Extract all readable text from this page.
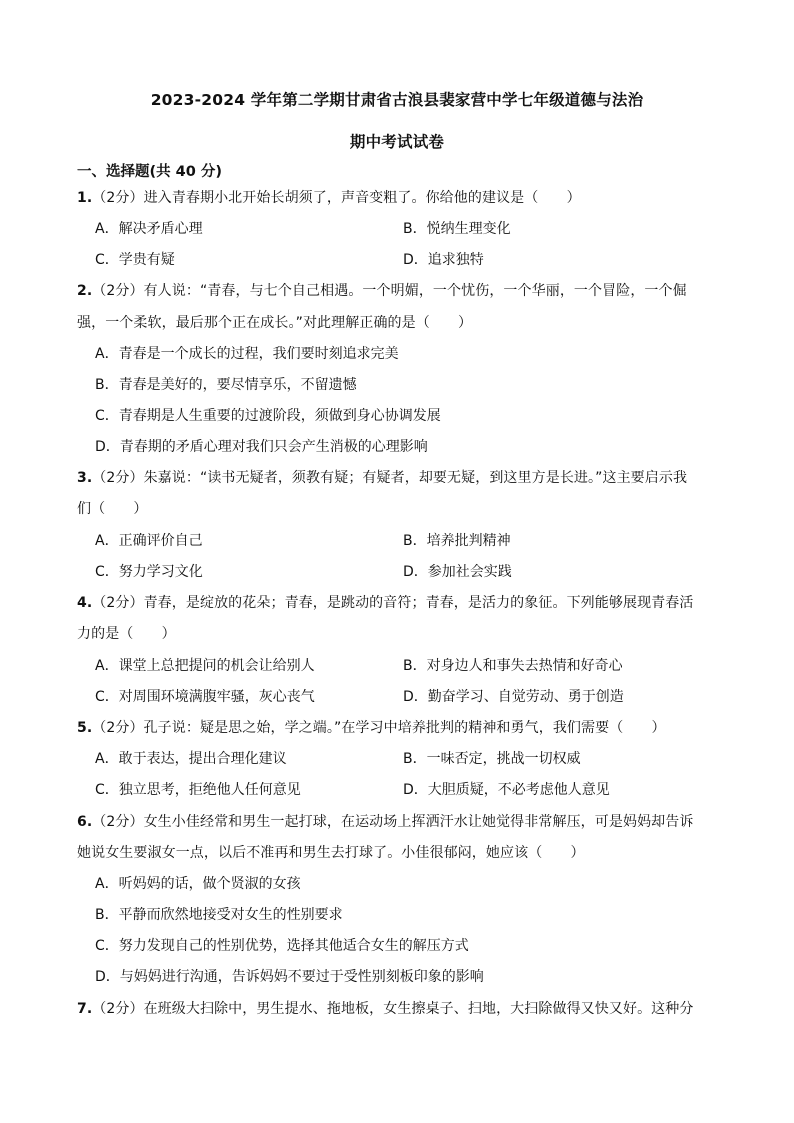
2023-2024 学年第二学期甘肃省古浪县裴家营中学七年级道德与法治
期中考试试卷
一、选择题(共 40 分)
1.（2分）进入青春期小北开始长胡须了，声音变粗了。你给他的建议是（　　）
A．解决矛盾心理	B．悦纳生理变化
C．学贵有疑	D．追求独特
2.（2分）有人说：“青春，与七个自己相遇。一个明媚，一个忧伤，一个华丽，一个冒险，一个倔
强，一个柔软，最后那个正在成长。”对此理解正确的是（　　）
A．青春是一个成长的过程，我们要时刻追求完美
B．青春是美好的，要尽情享乐，不留遗憾
C．青春期是人生重要的过渡阶段，须做到身心协调发展
D．青春期的矛盾心理对我们只会产生消极的心理影响
3.（2分）朱嘉说：“读书无疑者，须教有疑；有疑者，却要无疑，到这里方是长进。”这主要启示我
们（　　）
A．正确评价自己	B．培养批判精神
C．努力学习文化	D．参加社会实践
4.（2分）青春，是绽放的花朵；青春，是跳动的音符；青春，是活力的象征。下列能够展现青春活
力的是（　　）
A．课堂上总把提问的机会让给别人	B．对身边人和事失去热情和好奇心
C．对周围环境满腹牢骚，灰心丧气	D．勤奋学习、自觉劳动、勇于创造
5.（2分）孔子说：疑是思之始，学之端。”在学习中培养批判的精神和勇气，我们需要（　　）
A．敢于表达，提出合理化建议	B．一味否定，挑战一切权威
C．独立思考，拒绝他人任何意见	D．大胆质疑，不必考虑他人意见
6.（2分）女生小佳经常和男生一起打球，在运动场上挥洒汗水让她觉得非常解压，可是妈妈却告诉
她说女生要淑女一点，以后不准再和男生去打球了。小佳很郁闷，她应该（　　）
A．听妈妈的话，做个贤淑的女孩
B．平静而欣然地接受对女生的性别要求
C．努力发现自己的性别优势，选择其他适合女生的解压方式
D．与妈妈进行沟通，告诉妈妈不要过于受性别刻板印象的影响
7.（2分）在班级大扫除中，男生提水、拖地板，女生擦桌子、扫地，大扫除做得又快又好。这种分
